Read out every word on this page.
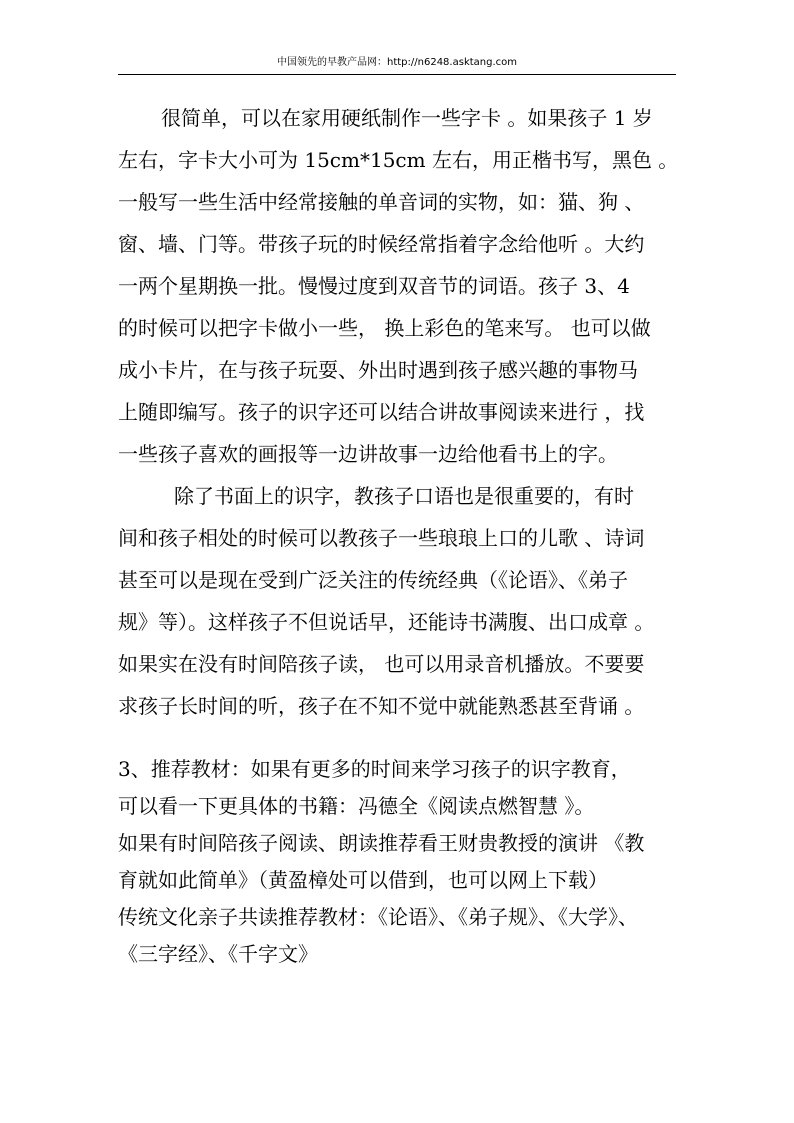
中国领先的早教产品网：http://n6248.asktang.com
很简单，可以在家用硬纸制作一些字卡 。如果孩子 1 岁
左右，字卡大小可为 15cm*15cm 左右，用正楷书写，黑色 。
一般写一些生活中经常接触的单音词的实物，如：猫、狗 、
窗、墙、门等。带孩子玩的时候经常指着字念给他听 。大约
一两个星期换一批。慢慢过度到双音节的词语。孩子 3、4
的时候可以把字卡做小一些， 换上彩色的笔来写。 也可以做
成小卡片，在与孩子玩耍、外出时遇到孩子感兴趣的事物马
上随即编写。孩子的识字还可以结合讲故事阅读来进行 ，找
一些孩子喜欢的画报等一边讲故事一边给他看书上的字。
除了书面上的识字，教孩子口语也是很重要的，有时
间和孩子相处的时候可以教孩子一些琅琅上口的儿歌 、诗词
甚至可以是现在受到广泛关注的传统经典（《论语》、《弟子
规》等）。这样孩子不但说话早，还能诗书满腹、出口成章 。
如果实在没有时间陪孩子读， 也可以用录音机播放。不要要
求孩子长时间的听，孩子在不知不觉中就能熟悉甚至背诵 。
3、推荐教材：如果有更多的时间来学习孩子的识字教育，
可以看一下更具体的书籍：冯德全《阅读点燃智慧 》。
如果有时间陪孩子阅读、朗读推荐看王财贵教授的演讲 《教
育就如此简单》（黄盈樟处可以借到，也可以网上下载）
传统文化亲子共读推荐教材：《论语》、《弟子规》、《大学》、
《三字经》、《千字文》
